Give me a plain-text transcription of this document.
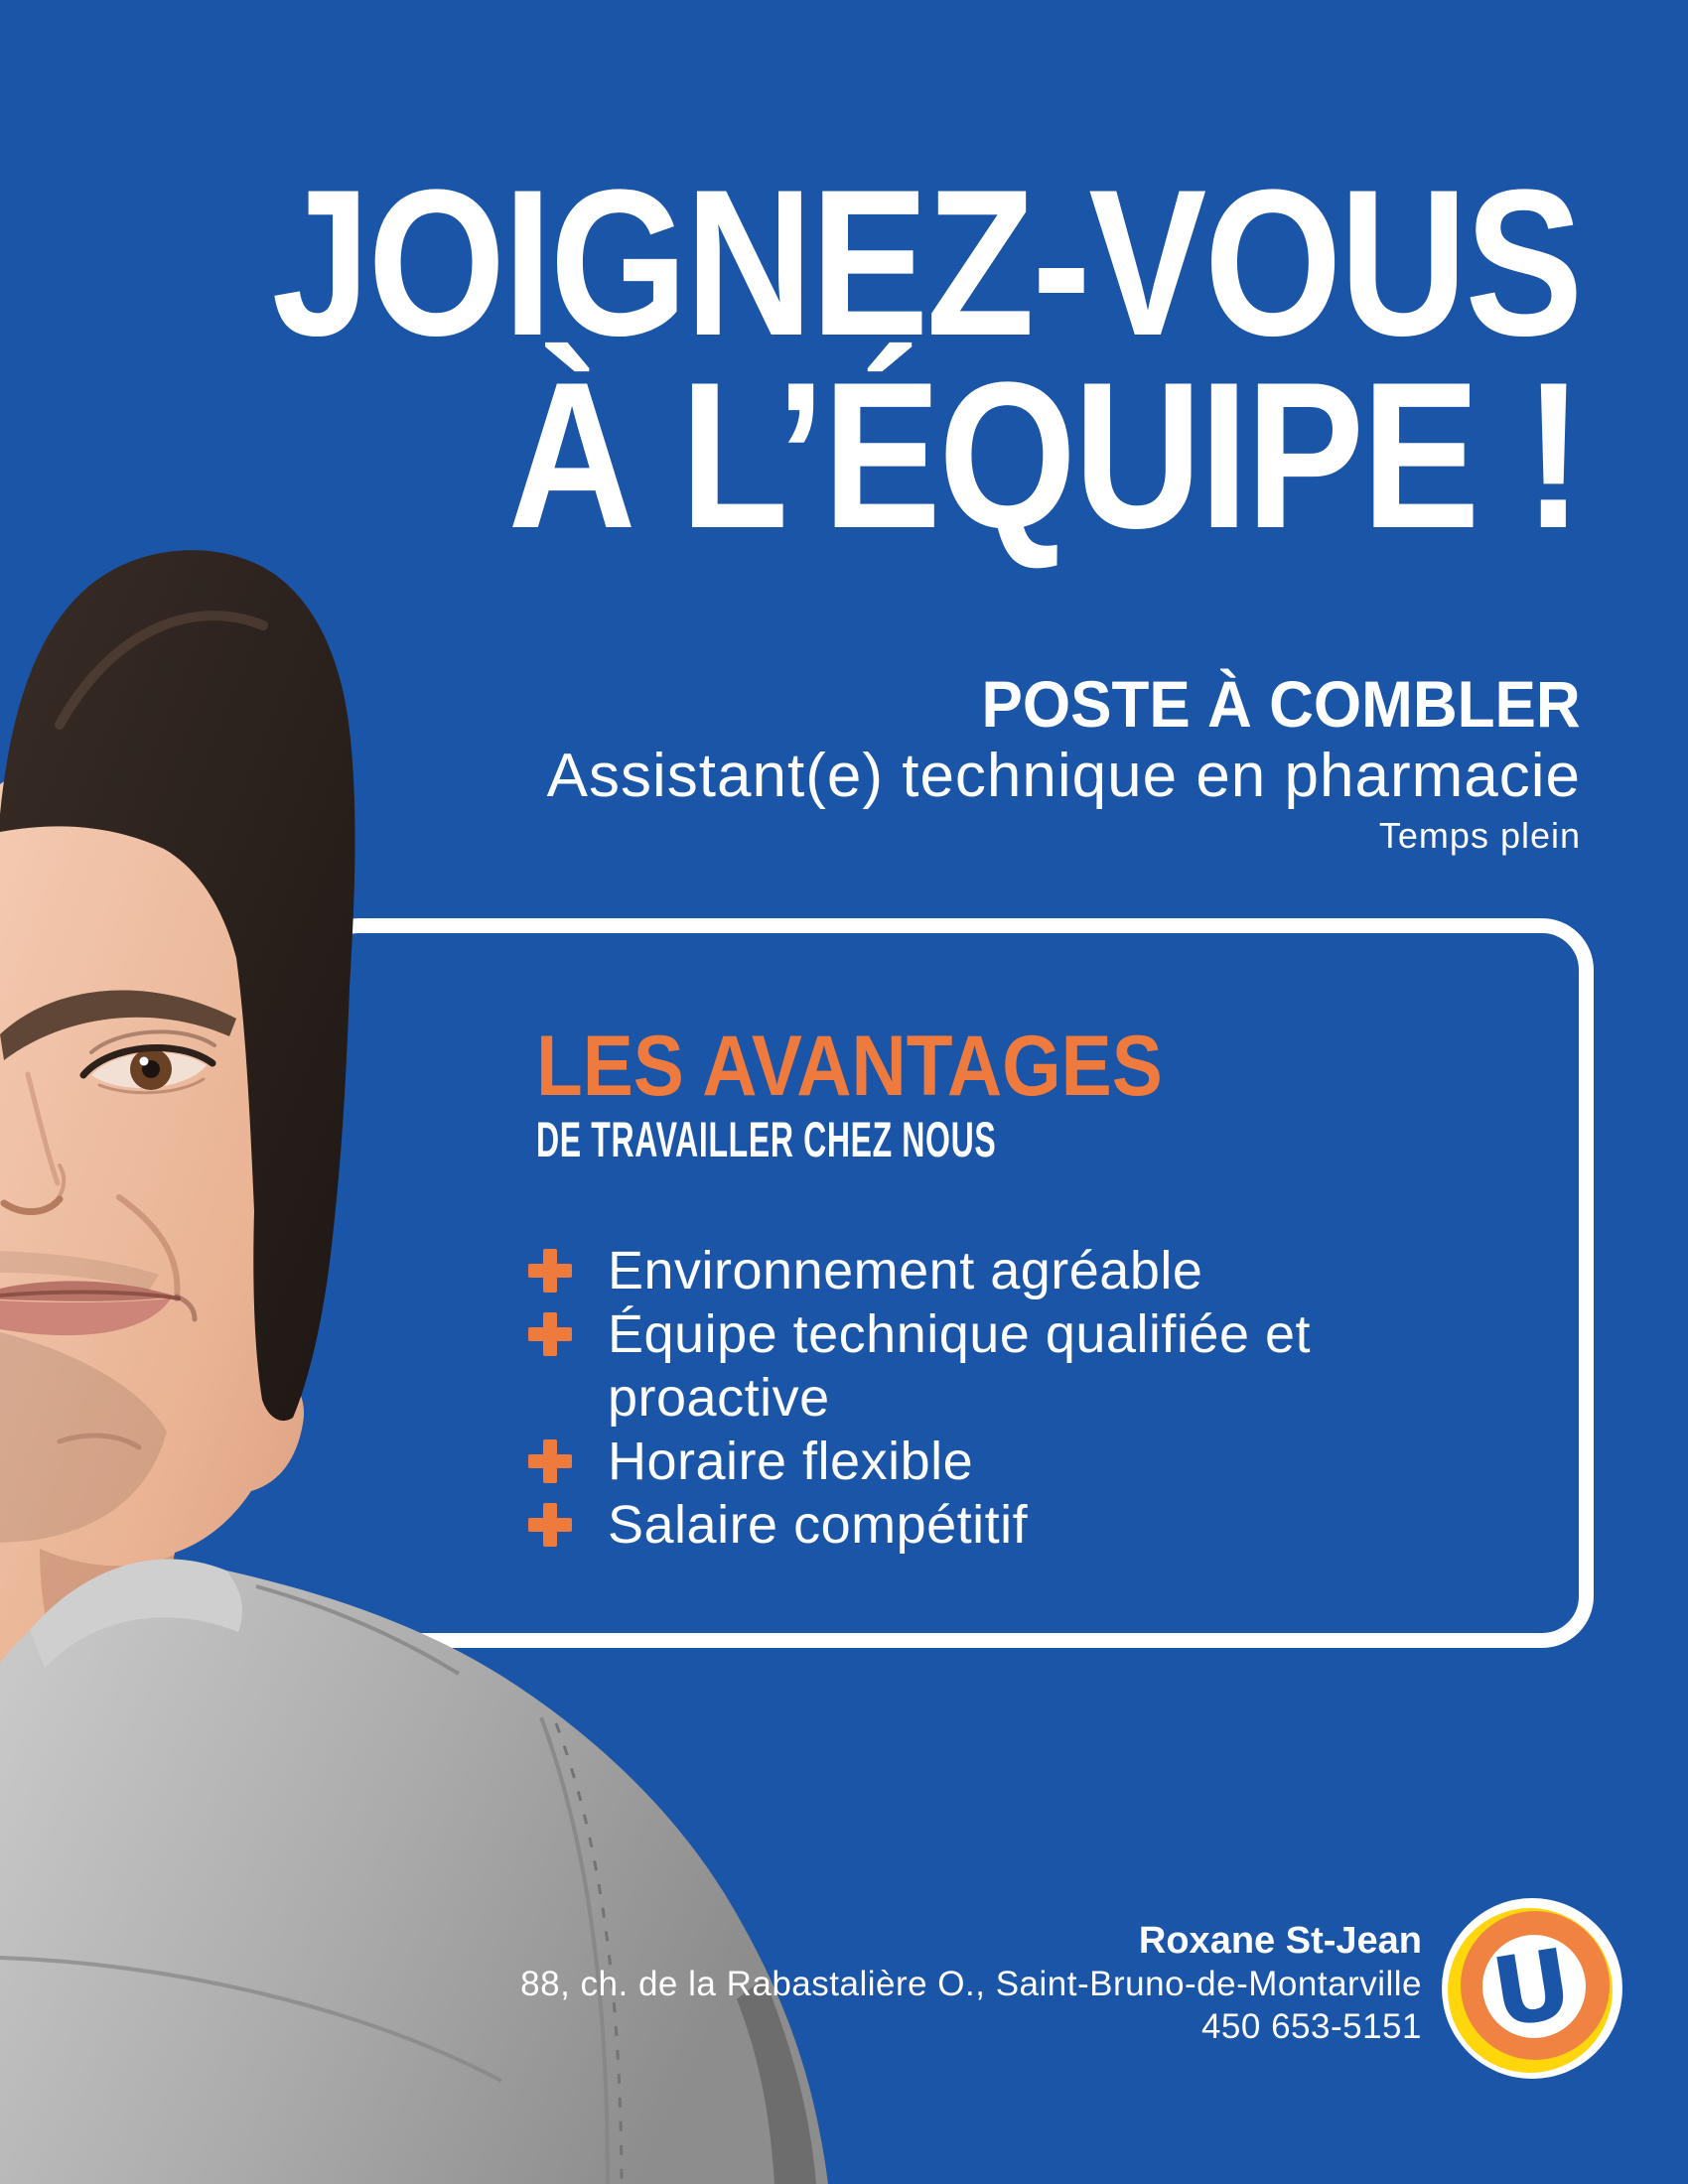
JOIGNEZ-VOUS
À L’ÉQUIPE !
POSTE À COMBLER
Assistant(e) technique en pharmacie
Temps plein
LES AVANTAGES
DE TRAVAILLER CHEZ NOUS
Environnement agréable
Équipe technique qualifiée et proactive
Horaire flexible
Salaire compétitif
Roxane St-Jean
88, ch. de la Rabastalière O., Saint-Bruno-de-Montarville
450 653-5151 U
